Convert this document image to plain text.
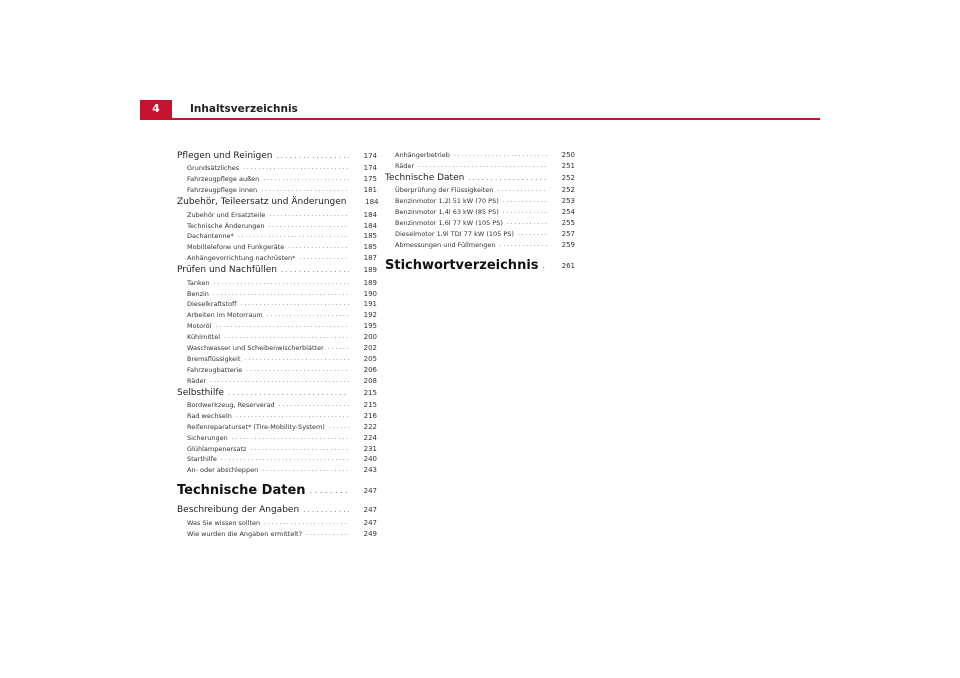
4	Inhaltsverzeichnis
Pflegen und Reinigen . . .	174
Grundsätzliches . . .	174
Fahrzeugpflege außen . . .	175
Fahrzeugpflege innen . . .	181
Zubehör, Teileersatz und Änderungen	184
Zubehör und Ersatzteile . . .	184
Technische Änderungen . . .	184
Dachantenne* . . .	185
Mobiltelefone und Funkgeräte . . .	185
Anhängevorrichtung nachrüsten* . . .	187
Prüfen und Nachfüllen . . .	189
Tanken . . .	189
Benzin . . .	190
Dieselkraftstoff . . .	191
Arbeiten im Motorraum . . .	192
Motoröl . . .	195
Kühlmittel . . .	200
Waschwasser und Scheibenwischerblätter . . .	202
Bremsflüssigkeit . . .	205
Fahrzeugbatterie . . .	206
Räder . . .	208
Selbsthilfe . . .	215
Bordwerkzeug, Reserverad . . .	215
Rad wechseln . . .	216
Reifenreparaturset* (Tire-Mobility-System) . . .	222
Sicherungen . . .	224
Glühlampenersatz . . .	231
Starthilfe . . .	240
An- oder abschleppen . . .	243
Technische Daten . . .	247
Beschreibung der Angaben . . .	247
Was Sie wissen sollten . . .	247
Wie wurden die Angaben ermittelt? . . .	249
Anhängerbetrieb . . .	250
Räder . . .	251
Technische Daten . . .	252
Überprüfung der Flüssigkeiten . . .	252
Benzinmotor 1,2l 51 kW (70 PS) . . .	253
Benzinmotor 1,4l 63 kW (85 PS) . . .	254
Benzinmotor 1,6l 77 kW (105 PS) . . .	255
Dieselmotor 1,9l TDI 77 kW (105 PS) . . .	257
Abmessungen und Füllmengen . . .	259
Stichwortverzeichnis . . .	261
